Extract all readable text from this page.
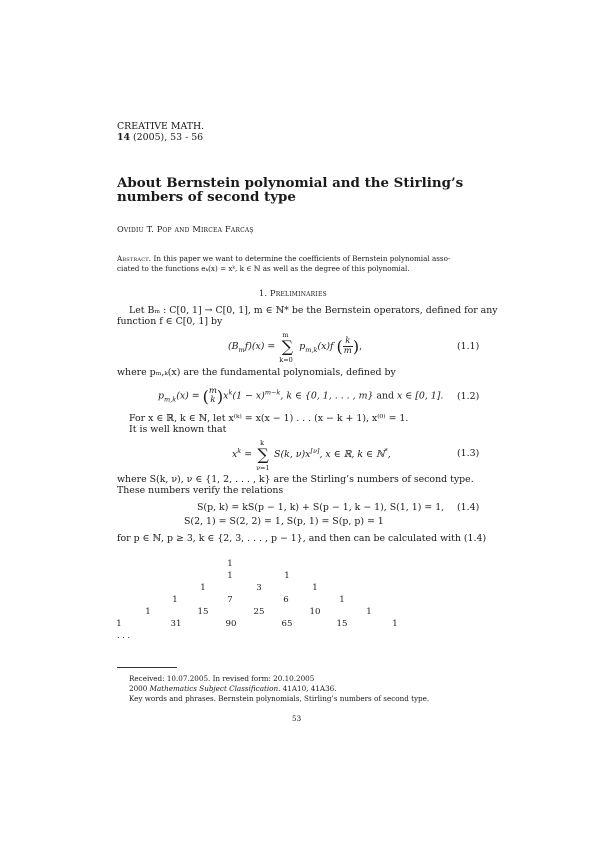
CREATIVE MATH.
14 (2005), 53 - 56
About Bernstein polynomial and the Stirling’s
numbers of second type
Ovidiu T. Pop and Mircea Farcaş
Abstract. In this paper we want to determine the coefficients of Bernstein polynomial asso-
ciated to the functions eₖ(x) = xᵏ, k ∈ ℕ as well as the degree of this polynomial.
1. Preliminaries
Let Bₘ : C[0, 1] → C[0, 1], m ∈ ℕ* be the Bernstein operators, defined for any
function f ∈ C[0, 1] by
$(B_mf)(x)$ =
m
∑
k=0
$p_{m,k}(x)f$ ( k
m),	(1.1)
where pₘ,ₖ(x) are the fundamental polynomials, defined by
$p_{m,k}(x) = (m$
$k)x^k(1 - x)^{m-k}$, k ∈ {0, 1, . . . , m} and x ∈ [0, 1]. (1.2)
For x ∈ ℝ, k ∈ ℕ, let x⁽ᵏ⁾ = x(x − 1) . . . (x − k + 1), x⁽⁰⁾ = 1.
It is well known that
$x^k$ =
k
∑
ν=1
S(k, ν)x[ν], x ∈ ℝ, k ∈ ℕ*,	(1.3)
where S(k, ν), ν ∈ {1, 2, . . . , k} are the Stirling’s numbers of second type.
These numbers verify the relations
S(p, k) = kS(p − 1, k) + S(p − 1, k − 1), S(1, 1) = 1,
S(2, 1) = S(2, 2) = 1, S(p, 1) = S(p, p) = 1
(1.4)
for p ∈ ℕ, p ≥ 3, k ∈ {2, 3, . . . , p − 1}, and then can be calculated with (1.4)
1
1	1
1	3	1
1	7	6	1
1	15	25	10	1
1	31	90	65	15	1
. . .
Received: 10.07.2005. In revised form: 20.10.2005
2000 Mathematics Subject Classification. 41A10, 41A36.
Key words and phrases. Bernstein polynomials, Stirling’s numbers of second type.
53
